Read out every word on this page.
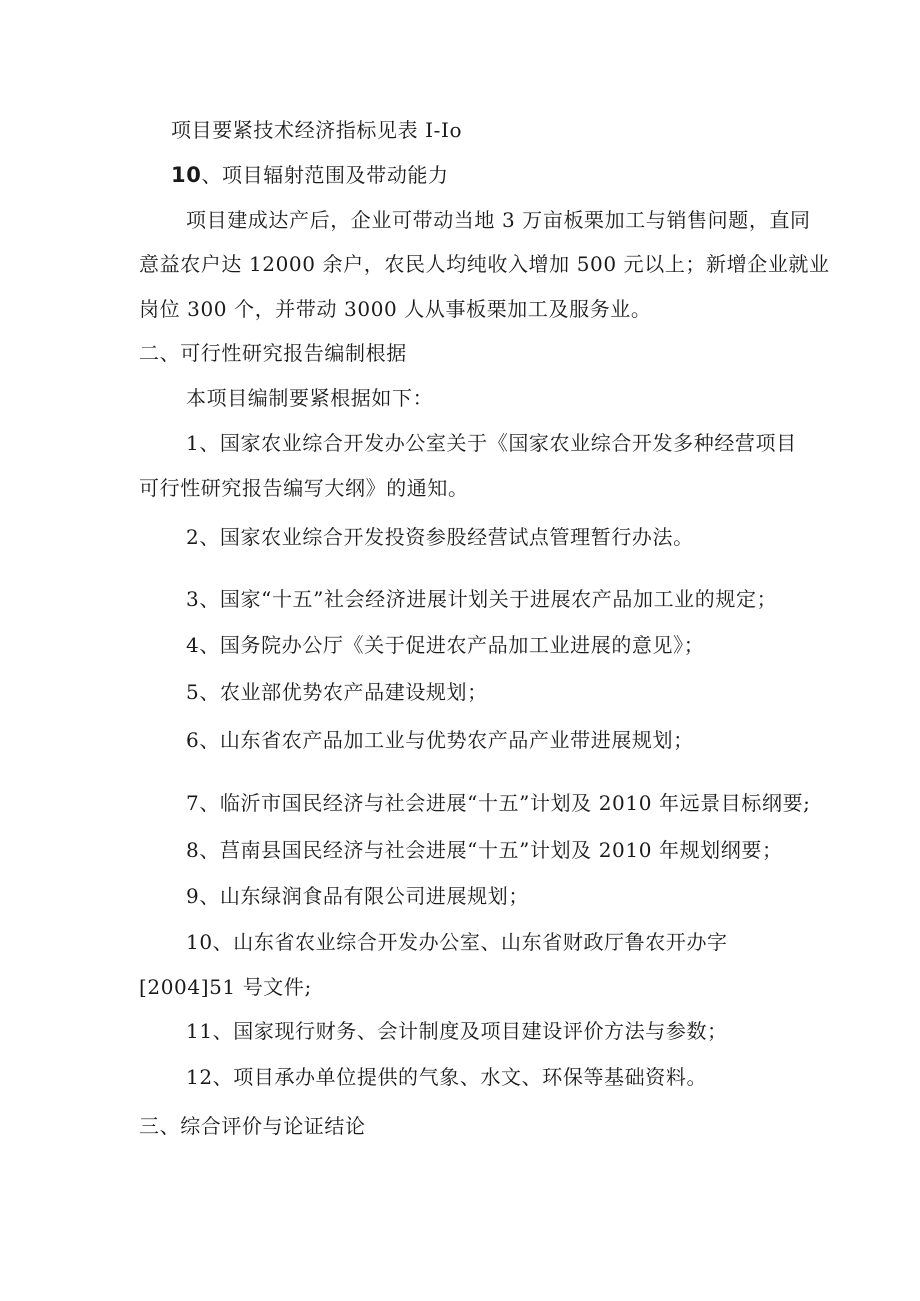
项目要紧技术经济指标见表 I-Io
10、项目辐射范围及带动能力
项目建成达产后，企业可带动当地 3 万亩板栗加工与销售问题，直同
意益农户达 12000 余户，农民人均纯收入增加 500 元以上；新增企业就业
岗位 300 个，并带动 3000 人从事板栗加工及服务业。
二、可行性研究报告编制根据
本项目编制要紧根据如下：
1、国家农业综合开发办公室关于《国家农业综合开发多种经营项目
可行性研究报告编写大纲》的通知。
2、国家农业综合开发投资参股经营试点管理暂行办法。
3、国家“十五”社会经济进展计划关于进展农产品加工业的规定；
4、国务院办公厅《关于促进农产品加工业进展的意见》；
5、农业部优势农产品建设规划；
6、山东省农产品加工业与优势农产品产业带进展规划；
7、临沂市国民经济与社会进展“十五”计划及 2010 年远景目标纲要;
8、莒南县国民经济与社会进展“十五”计划及 2010 年规划纲要；
9、山东绿润食品有限公司进展规划；
10、山东省农业综合开发办公室、山东省财政厅鲁农开办字
[2004]51 号文件;
11、国家现行财务、会计制度及项目建设评价方法与参数；
12、项目承办单位提供的气象、水文、环保等基础资料。
三、综合评价与论证结论
